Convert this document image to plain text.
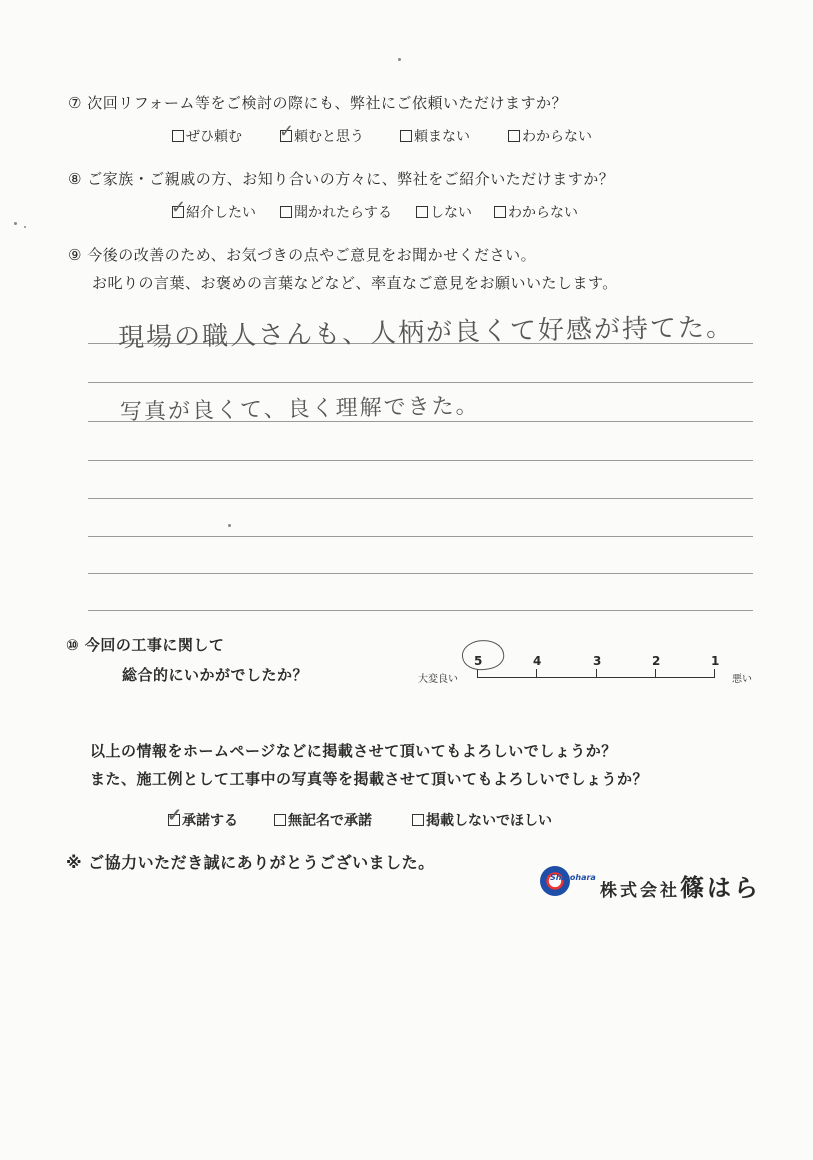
⑦ 次回リフォーム等をご検討の際にも、弊社にご依頼いただけますか？
ぜひ頼む ✓ 頼むと思う	頼まない	わからない
⑧ ご家族・ご親戚の方、お知り合いの方々に、弊社をご紹介いただけますか？
✓ 紹介したい	聞かれたらする	しない	わからない
⑨ 今後の改善のため、お気づきの点やご意見をお聞かせください。
お叱りの言葉、お褒めの言葉などなど、率直なご意見をお願いいたします。
現場の職人さんも、人柄が良くて好感が持てた。
写真が良くて、良く理解できた。
⑩ 今回の工事に関して
総合的にいかがでしたか？	大変良い	悪い
5	4	3	2	1
以上の情報をホームページなどに掲載させて頂いてもよろしいでしょうか？
また、施工例として工事中の写真等を掲載させて頂いてもよろしいでしょうか？
✓ 承諾する	無記名で承諾	掲載しないでほしい
※ ご協力いただき誠にありがとうございました。
Shinohara
株式会社篠はら
